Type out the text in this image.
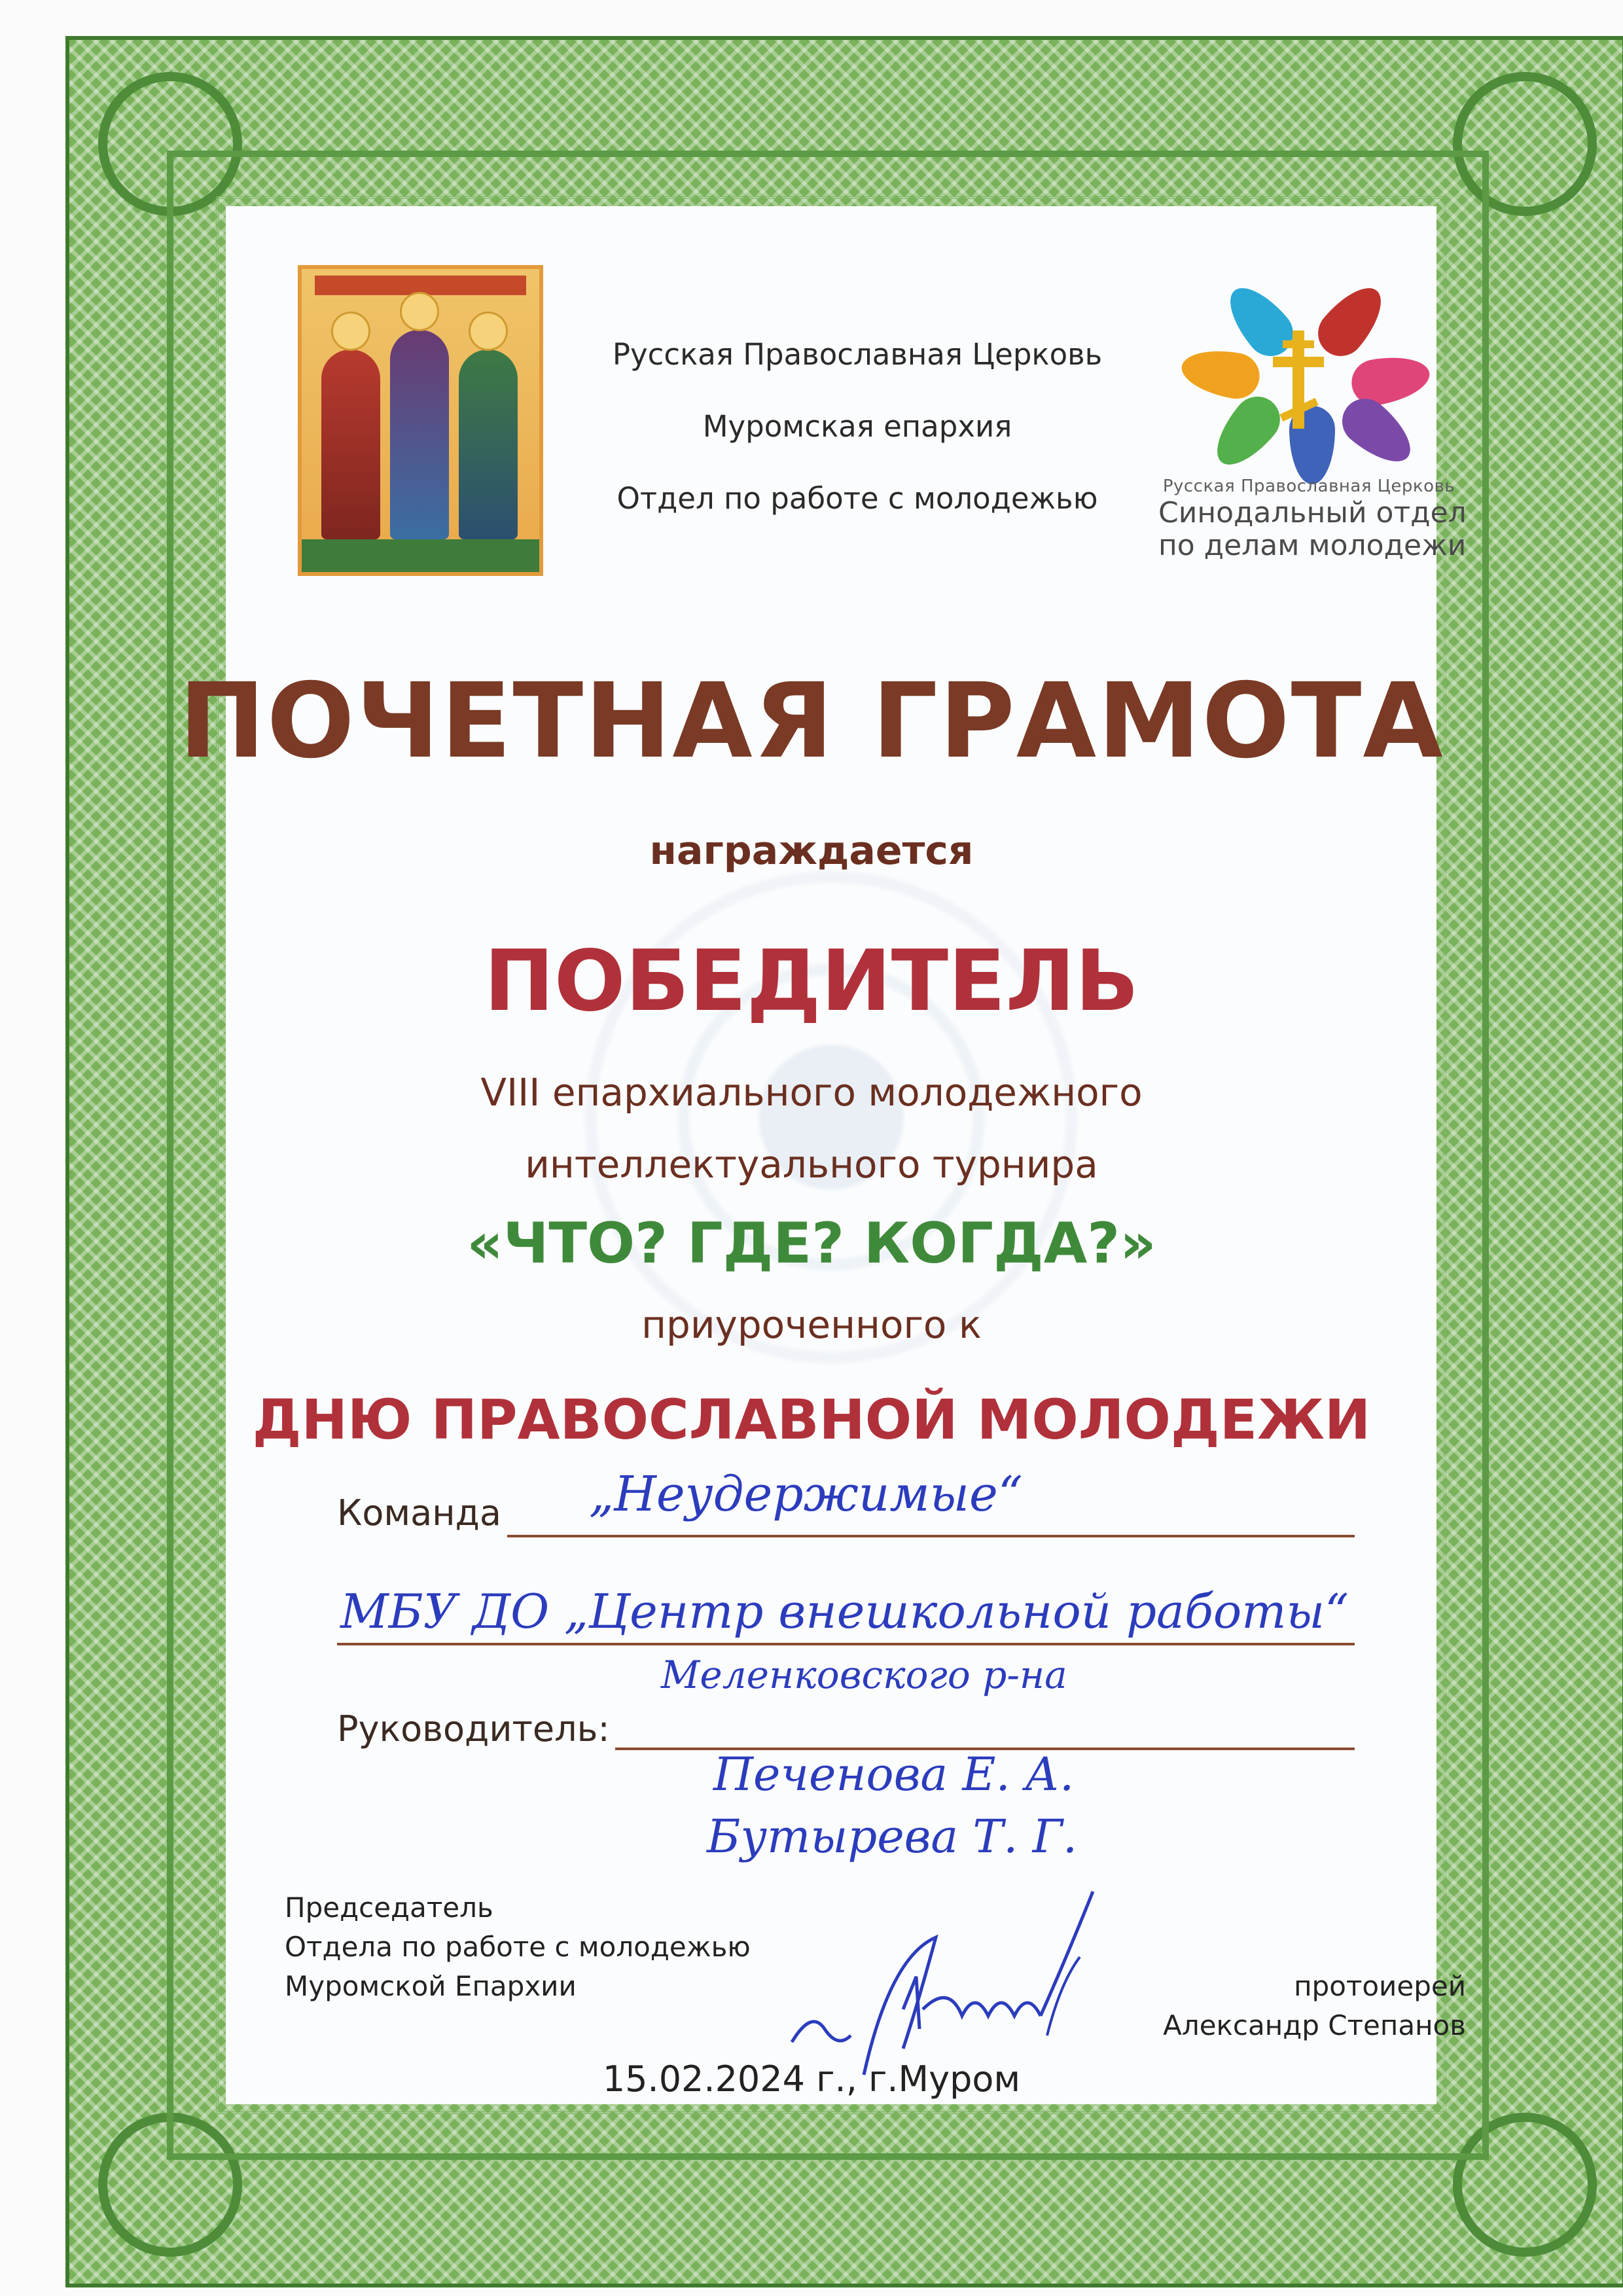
Русская Православная Церковь
Муромская епархия
Отдел по работе с молодежью	Русская Православная Церковь
Синодальный отдел
по делам молодежи
ПОЧЕТНАЯ ГРАМОТА
награждается
ПОБЕДИТЕЛЬ
VIII епархиального молодежного
интеллектуального турнира
«ЧТО? ГДЕ? КОГДА?»
приуроченного к
ДНЮ ПРАВОСЛАВНОЙ МОЛОДЕЖИ
Команда „Неудержимые“
МБУ ДО „Центр внешкольной работы“
Меленковского р-на
Руководитель:
Печенова Е. А.
Бутырева Т. Г.
Председатель
Отдела по работе с молодежью
Муромской Епархии	протоиерей
Александр Степанов
15.02.2024 г., г.Муром
